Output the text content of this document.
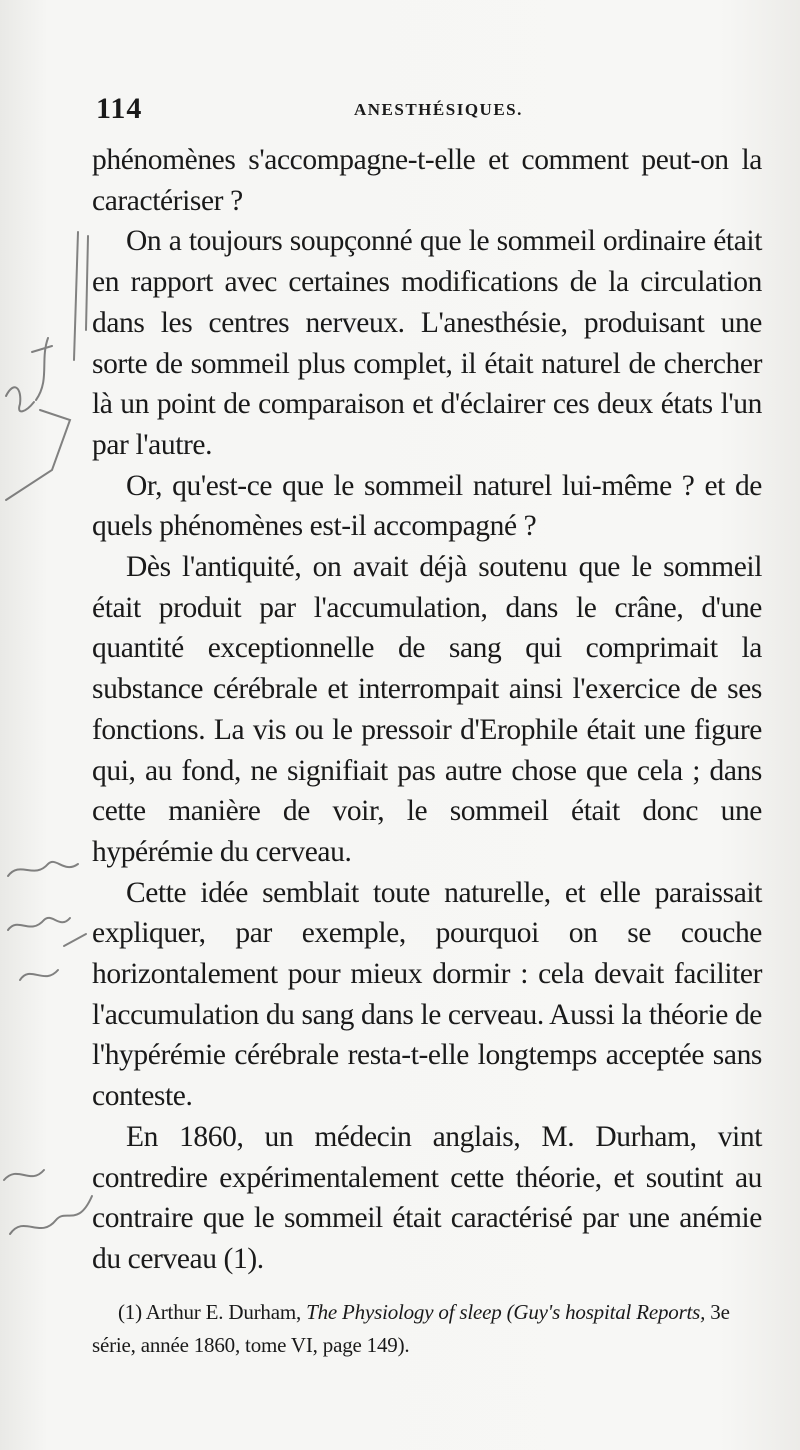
114	ANESTHÉSIQUES.

phénomènes s'accompagne-t-elle et comment peut-on la caractériser ?

On a toujours soupçonné que le sommeil ordinaire était en rapport avec certaines modifications de la circulation dans les centres nerveux. L'anesthésie, produisant une sorte de sommeil plus complet, il était naturel de chercher là un point de comparaison et d'éclairer ces deux états l'un par l'autre.

Or, qu'est-ce que le sommeil naturel lui-même ? et de quels phénomènes est-il accompagné ?

Dès l'antiquité, on avait déjà soutenu que le sommeil était produit par l'accumulation, dans le crâne, d'une quantité exceptionnelle de sang qui comprimait la substance cérébrale et interrompait ainsi l'exercice de ses fonctions. La vis ou le pressoir d'Erophile était une figure qui, au fond, ne signifiait pas autre chose que cela ; dans cette manière de voir, le sommeil était donc une hypérémie du cerveau.

Cette idée semblait toute naturelle, et elle paraissait expliquer, par exemple, pourquoi on se couche horizontalement pour mieux dormir : cela devait faciliter l'accumulation du sang dans le cerveau. Aussi la théorie de l'hypérémie cérébrale resta-t-elle longtemps acceptée sans conteste.

En 1860, un médecin anglais, M. Durham, vint contredire expérimentalement cette théorie, et soutint au contraire que le sommeil était caractérisé par une anémie du cerveau (1).

(1) Arthur E. Durham, The Physiology of sleep (Guy's hospital Reports, 3e série, année 1860, tome VI, page 149).
